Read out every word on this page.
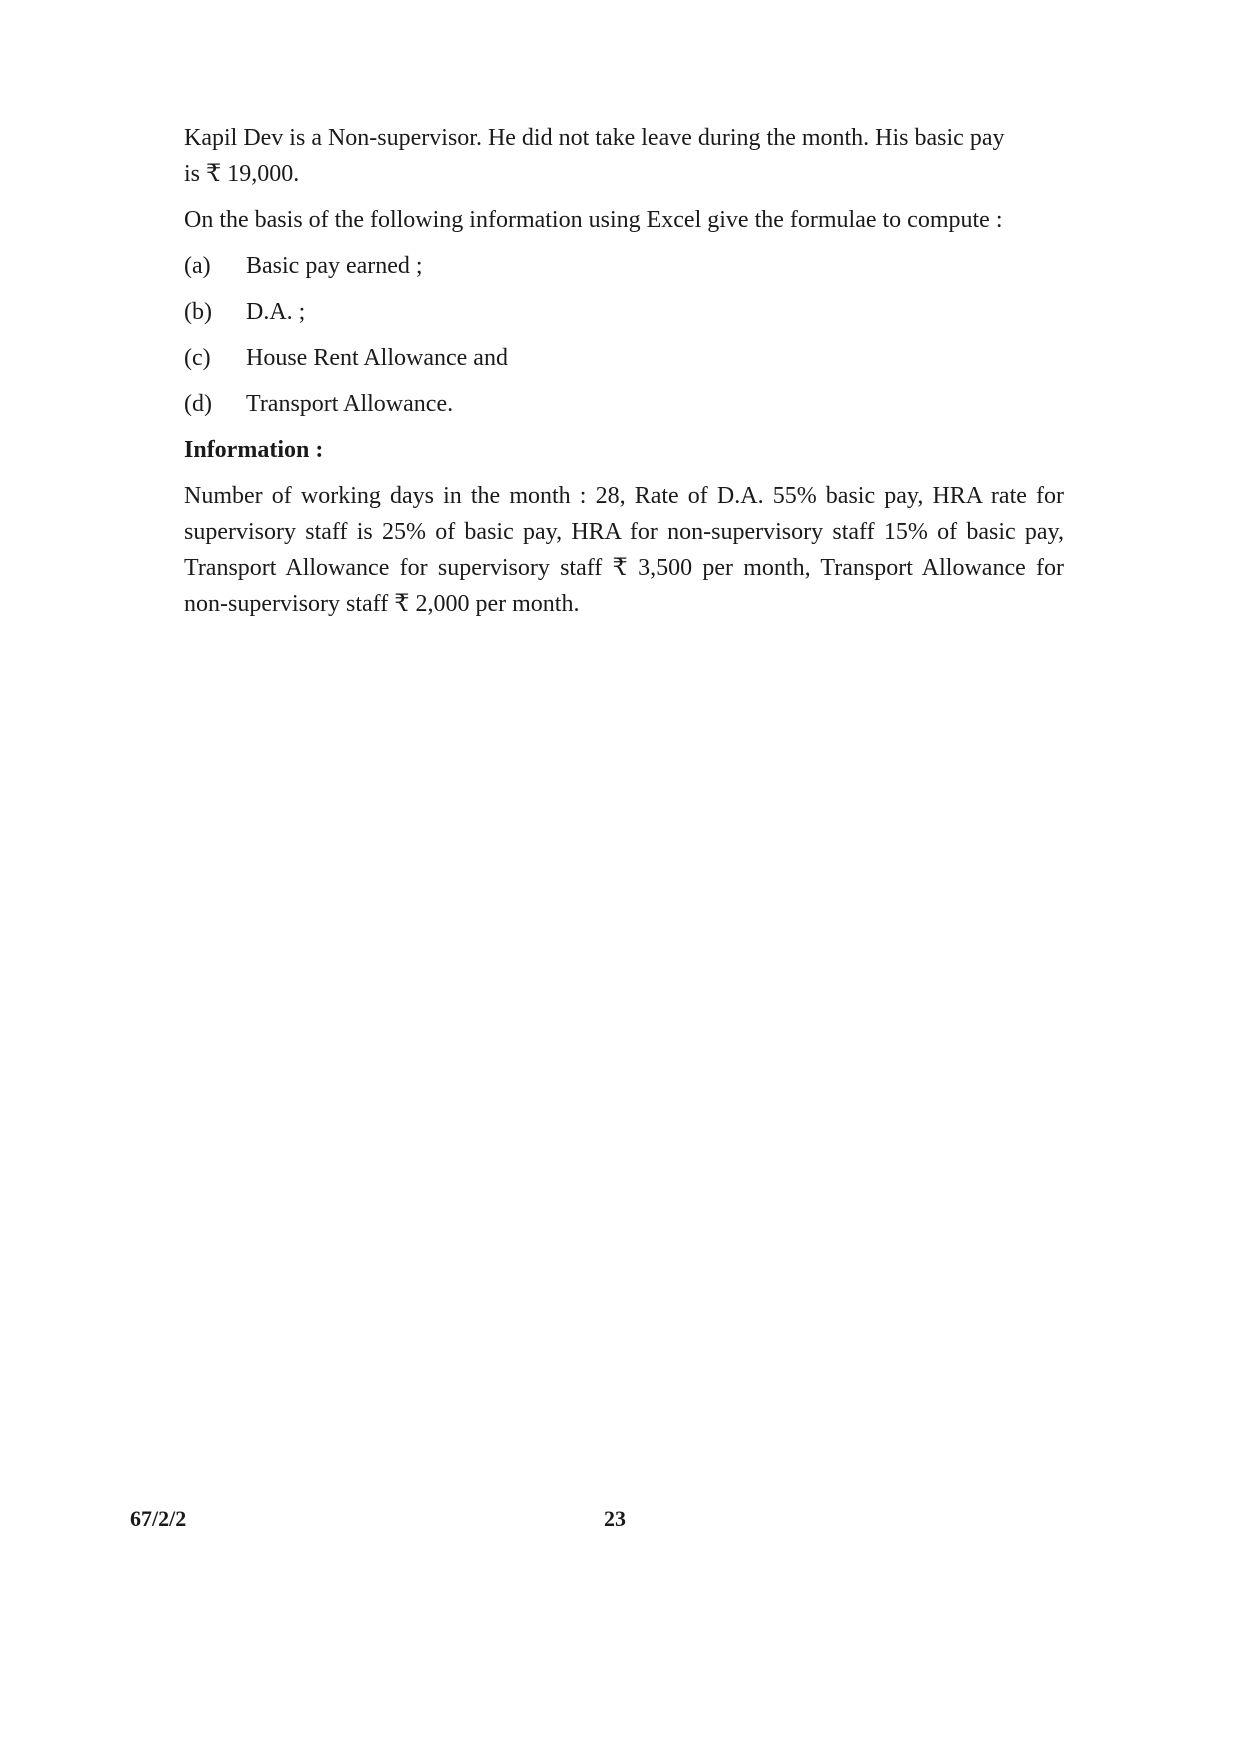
Kapil Dev is a Non-supervisor. He did not take leave during the month. His basic pay
is ₹ 19,000.

On the basis of the following information using Excel give the formulae to compute :

(a)	Basic pay earned ;
(b)	D.A. ;
(c)	House Rent Allowance and
(d)	Transport Allowance.
Information :

Number of working days in the month : 28, Rate of D.A. 55% basic pay, HRA rate for supervisory staff is 25% of basic pay, HRA for non-supervisory staff 15% of basic pay, Transport Allowance for supervisory staff ₹ 3,500 per month, Transport Allowance for non-supervisory staff ₹ 2,000 per month.

67/2/2	23
